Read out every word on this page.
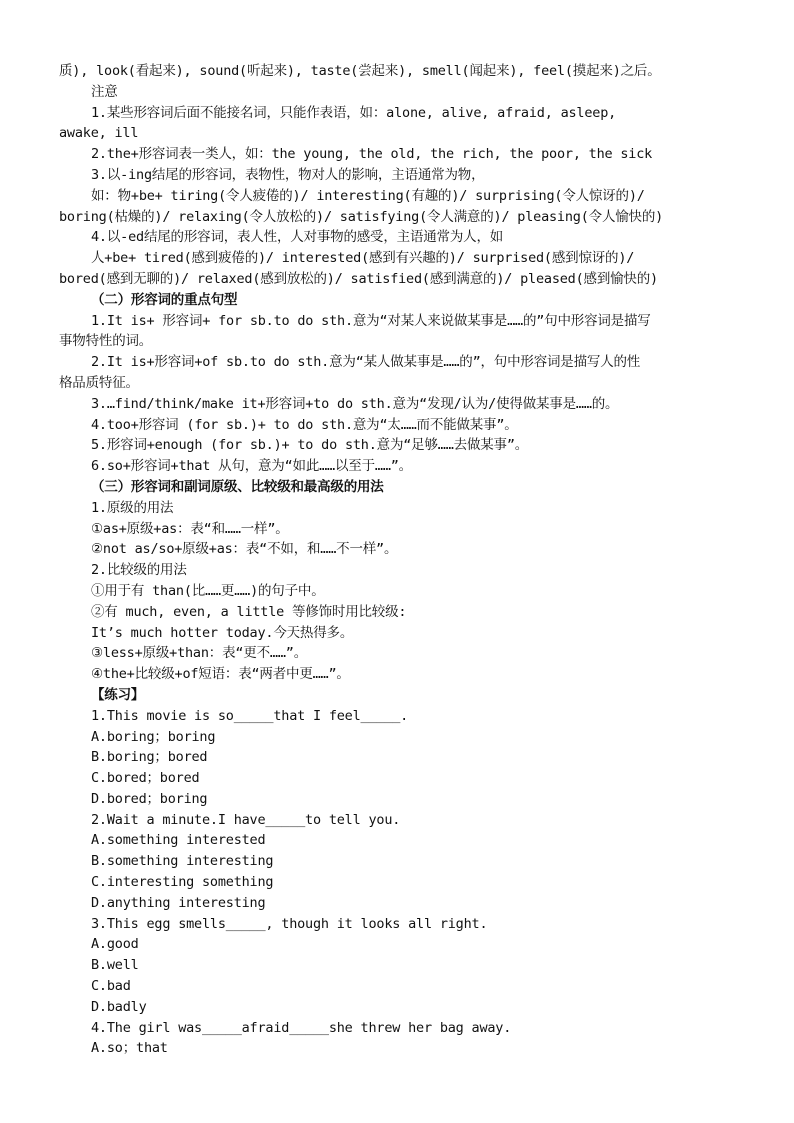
质), look(看起来), sound(听起来), taste(尝起来), smell(闻起来), feel(摸起来)之后。
注意
1.某些形容词后面不能接名词，只能作表语，如：alone, alive, afraid, asleep,
awake, ill
2.the+形容词表一类人，如：the young, the old, the rich, the poor, the sick
3.以-ing结尾的形容词，表物性，物对人的影响，主语通常为物，
如：物+be+ tiring(令人疲倦的)/ interesting(有趣的)/ surprising(令人惊讶的)/
boring(枯燥的)/ relaxing(令人放松的)/ satisfying(令人满意的)/ pleasing(令人愉快的)
4.以-ed结尾的形容词，表人性，人对事物的感受，主语通常为人，如
人+be+ tired(感到疲倦的)/ interested(感到有兴趣的)/ surprised(感到惊讶的)/
bored(感到无聊的)/ relaxed(感到放松的)/ satisfied(感到满意的)/ pleased(感到愉快的)
（二）形容词的重点句型
1.It is+ 形容词+ for sb.to do sth.意为“对某人来说做某事是……的”句中形容词是描写
事物特性的词。
2.It is+形容词+of sb.to do sth.意为“某人做某事是……的”，句中形容词是描写人的性
格品质特征。
3.…find/think/make it+形容词+to do sth.意为“发现/认为/使得做某事是……的。
4.too+形容词 (for sb.)+ to do sth.意为“太……而不能做某事”。
5.形容词+enough (for sb.)+ to do sth.意为“足够……去做某事”。
6.so+形容词+that 从句，意为“如此……以至于……”。
（三）形容词和副词原级、比较级和最高级的用法
1.原级的用法
①as+原级+as：表“和……一样”。
②not as/so+原级+as：表“不如，和……不一样”。
2.比较级的用法
①用于有 than(比……更……)的句子中。
②有 much, even, a little 等修饰时用比较级:
It’s much hotter today.今天热得多。
③less+原级+than：表“更不……”。
④the+比较级+of短语：表“两者中更……”。
【练习】
1.This movie is so_____that I feel_____.
A.boring；boring
B.boring；bored
C.bored；bored
D.bored；boring
2.Wait a minute.I have_____to tell you.
A.something interested
B.something interesting
C.interesting something
D.anything interesting
3.This egg smells_____, though it looks all right.
A.good
B.well
C.bad
D.badly
4.The girl was_____afraid_____she threw her bag away.
A.so；that
